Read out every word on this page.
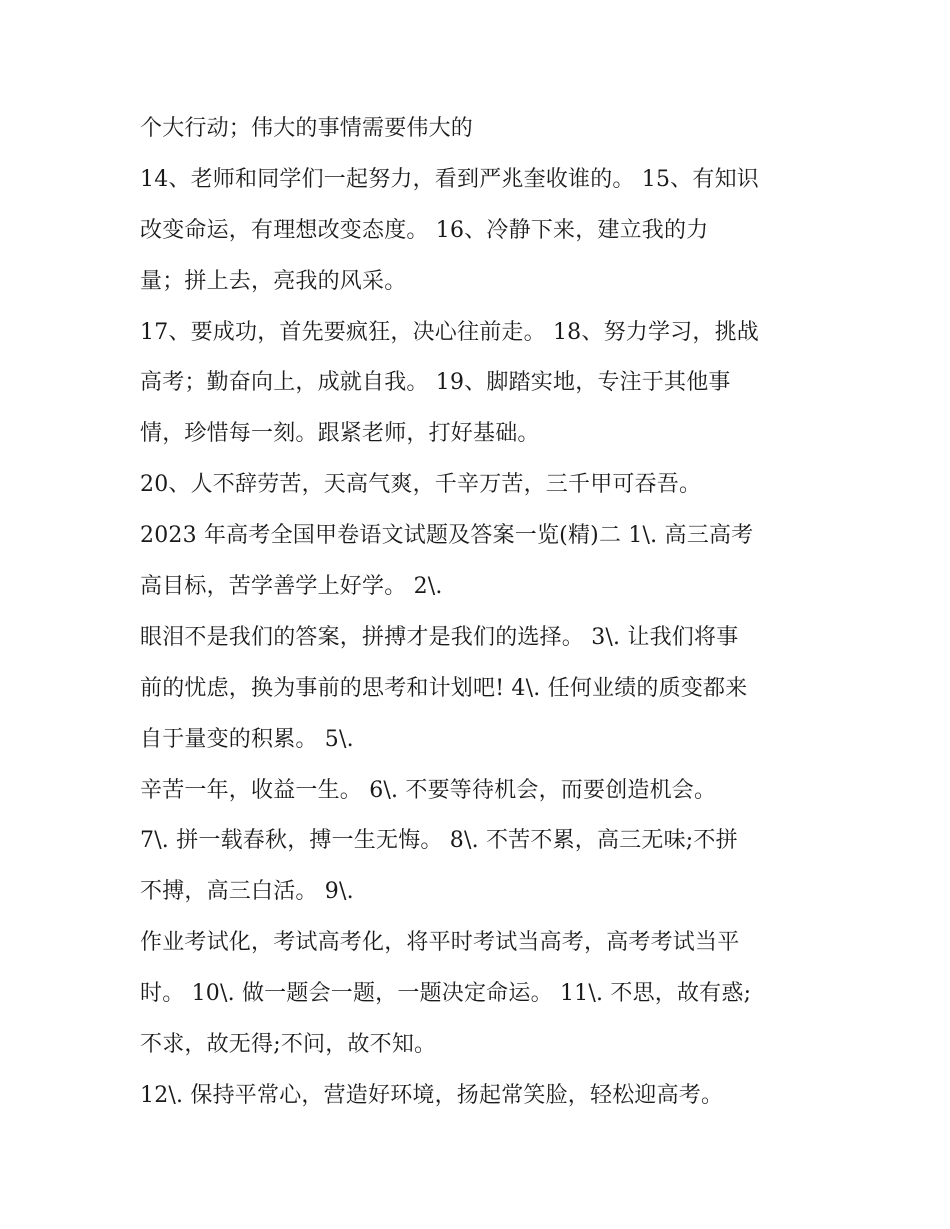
个大行动；伟大的事情需要伟大的
14、老师和同学们一起努力，看到严兆奎收谁的。 15、有知识
改变命运，有理想改变态度。 16、冷静下来，建立我的力
量；拼上去，亮我的风采。
17、要成功，首先要疯狂，决心往前走。 18、努力学习，挑战
高考；勤奋向上，成就自我。 19、脚踏实地，专注于其他事
情，珍惜每一刻。跟紧老师，打好基础。
20、人不辞劳苦，天高气爽，千辛万苦，三千甲可吞吾。
2023 年高考全国甲卷语文试题及答案一览(精)二 1\. 高三高考
高目标，苦学善学上好学。 2\.
眼泪不是我们的答案，拼搏才是我们的选择。 3\. 让我们将事
前的忧虑，换为事前的思考和计划吧! 4\. 任何业绩的质变都来
自于量变的积累。 5\.
辛苦一年，收益一生。 6\. 不要等待机会，而要创造机会。
7\. 拼一载春秋，搏一生无悔。 8\. 不苦不累，高三无味;不拼
不搏，高三白活。 9\.
作业考试化，考试高考化，将平时考试当高考，高考考试当平
时。 10\. 做一题会一题，一题决定命运。 11\. 不思，故有惑;
不求，故无得;不问，故不知。
12\. 保持平常心，营造好环境，扬起常笑脸，轻松迎高考。
